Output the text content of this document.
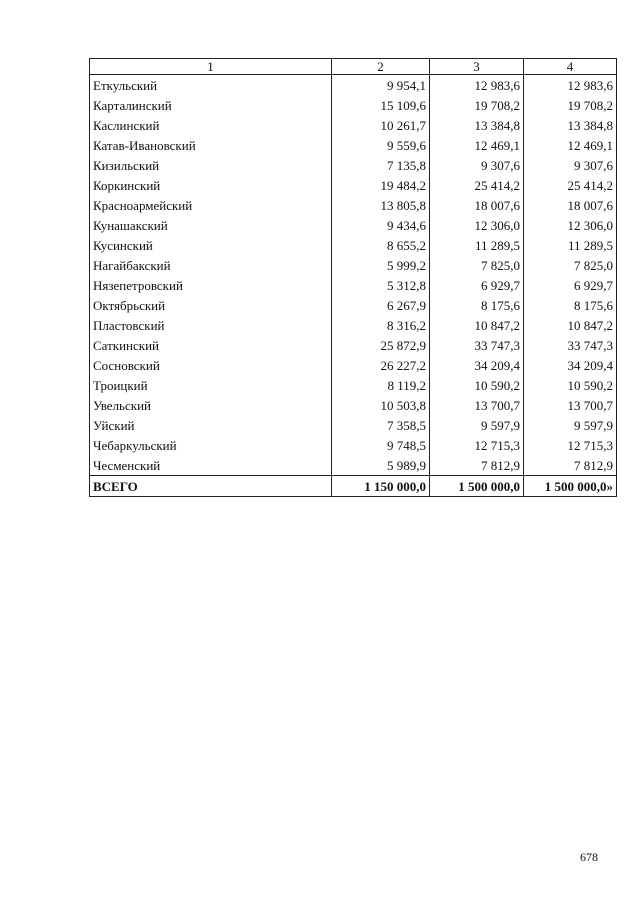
1	2	3	4
Еткульский	9 954,1	12 983,6	12 983,6
Карталинский	15 109,6	19 708,2	19 708,2
Каслинский	10 261,7	13 384,8	13 384,8
Катав-Ивановский	9 559,6	12 469,1	12 469,1
Кизильский	7 135,8	9 307,6	9 307,6
Коркинский	19 484,2	25 414,2	25 414,2
Красноармейский	13 805,8	18 007,6	18 007,6
Кунашакский	9 434,6	12 306,0	12 306,0
Кусинский	8 655,2	11 289,5	11 289,5
Нагайбакский	5 999,2	7 825,0	7 825,0
Нязепетровский	5 312,8	6 929,7	6 929,7
Октябрьский	6 267,9	8 175,6	8 175,6
Пластовский	8 316,2	10 847,2	10 847,2
Саткинский	25 872,9	33 747,3	33 747,3
Сосновский	26 227,2	34 209,4	34 209,4
Троицкий	8 119,2	10 590,2	10 590,2
Увельский	10 503,8	13 700,7	13 700,7
Уйский	7 358,5	9 597,9	9 597,9
Чебаркульский	9 748,5	12 715,3	12 715,3
Чесменский	5 989,9	7 812,9	7 812,9
ВСЕГО	1 150 000,0	1 500 000,0	1 500 000,0»
678
